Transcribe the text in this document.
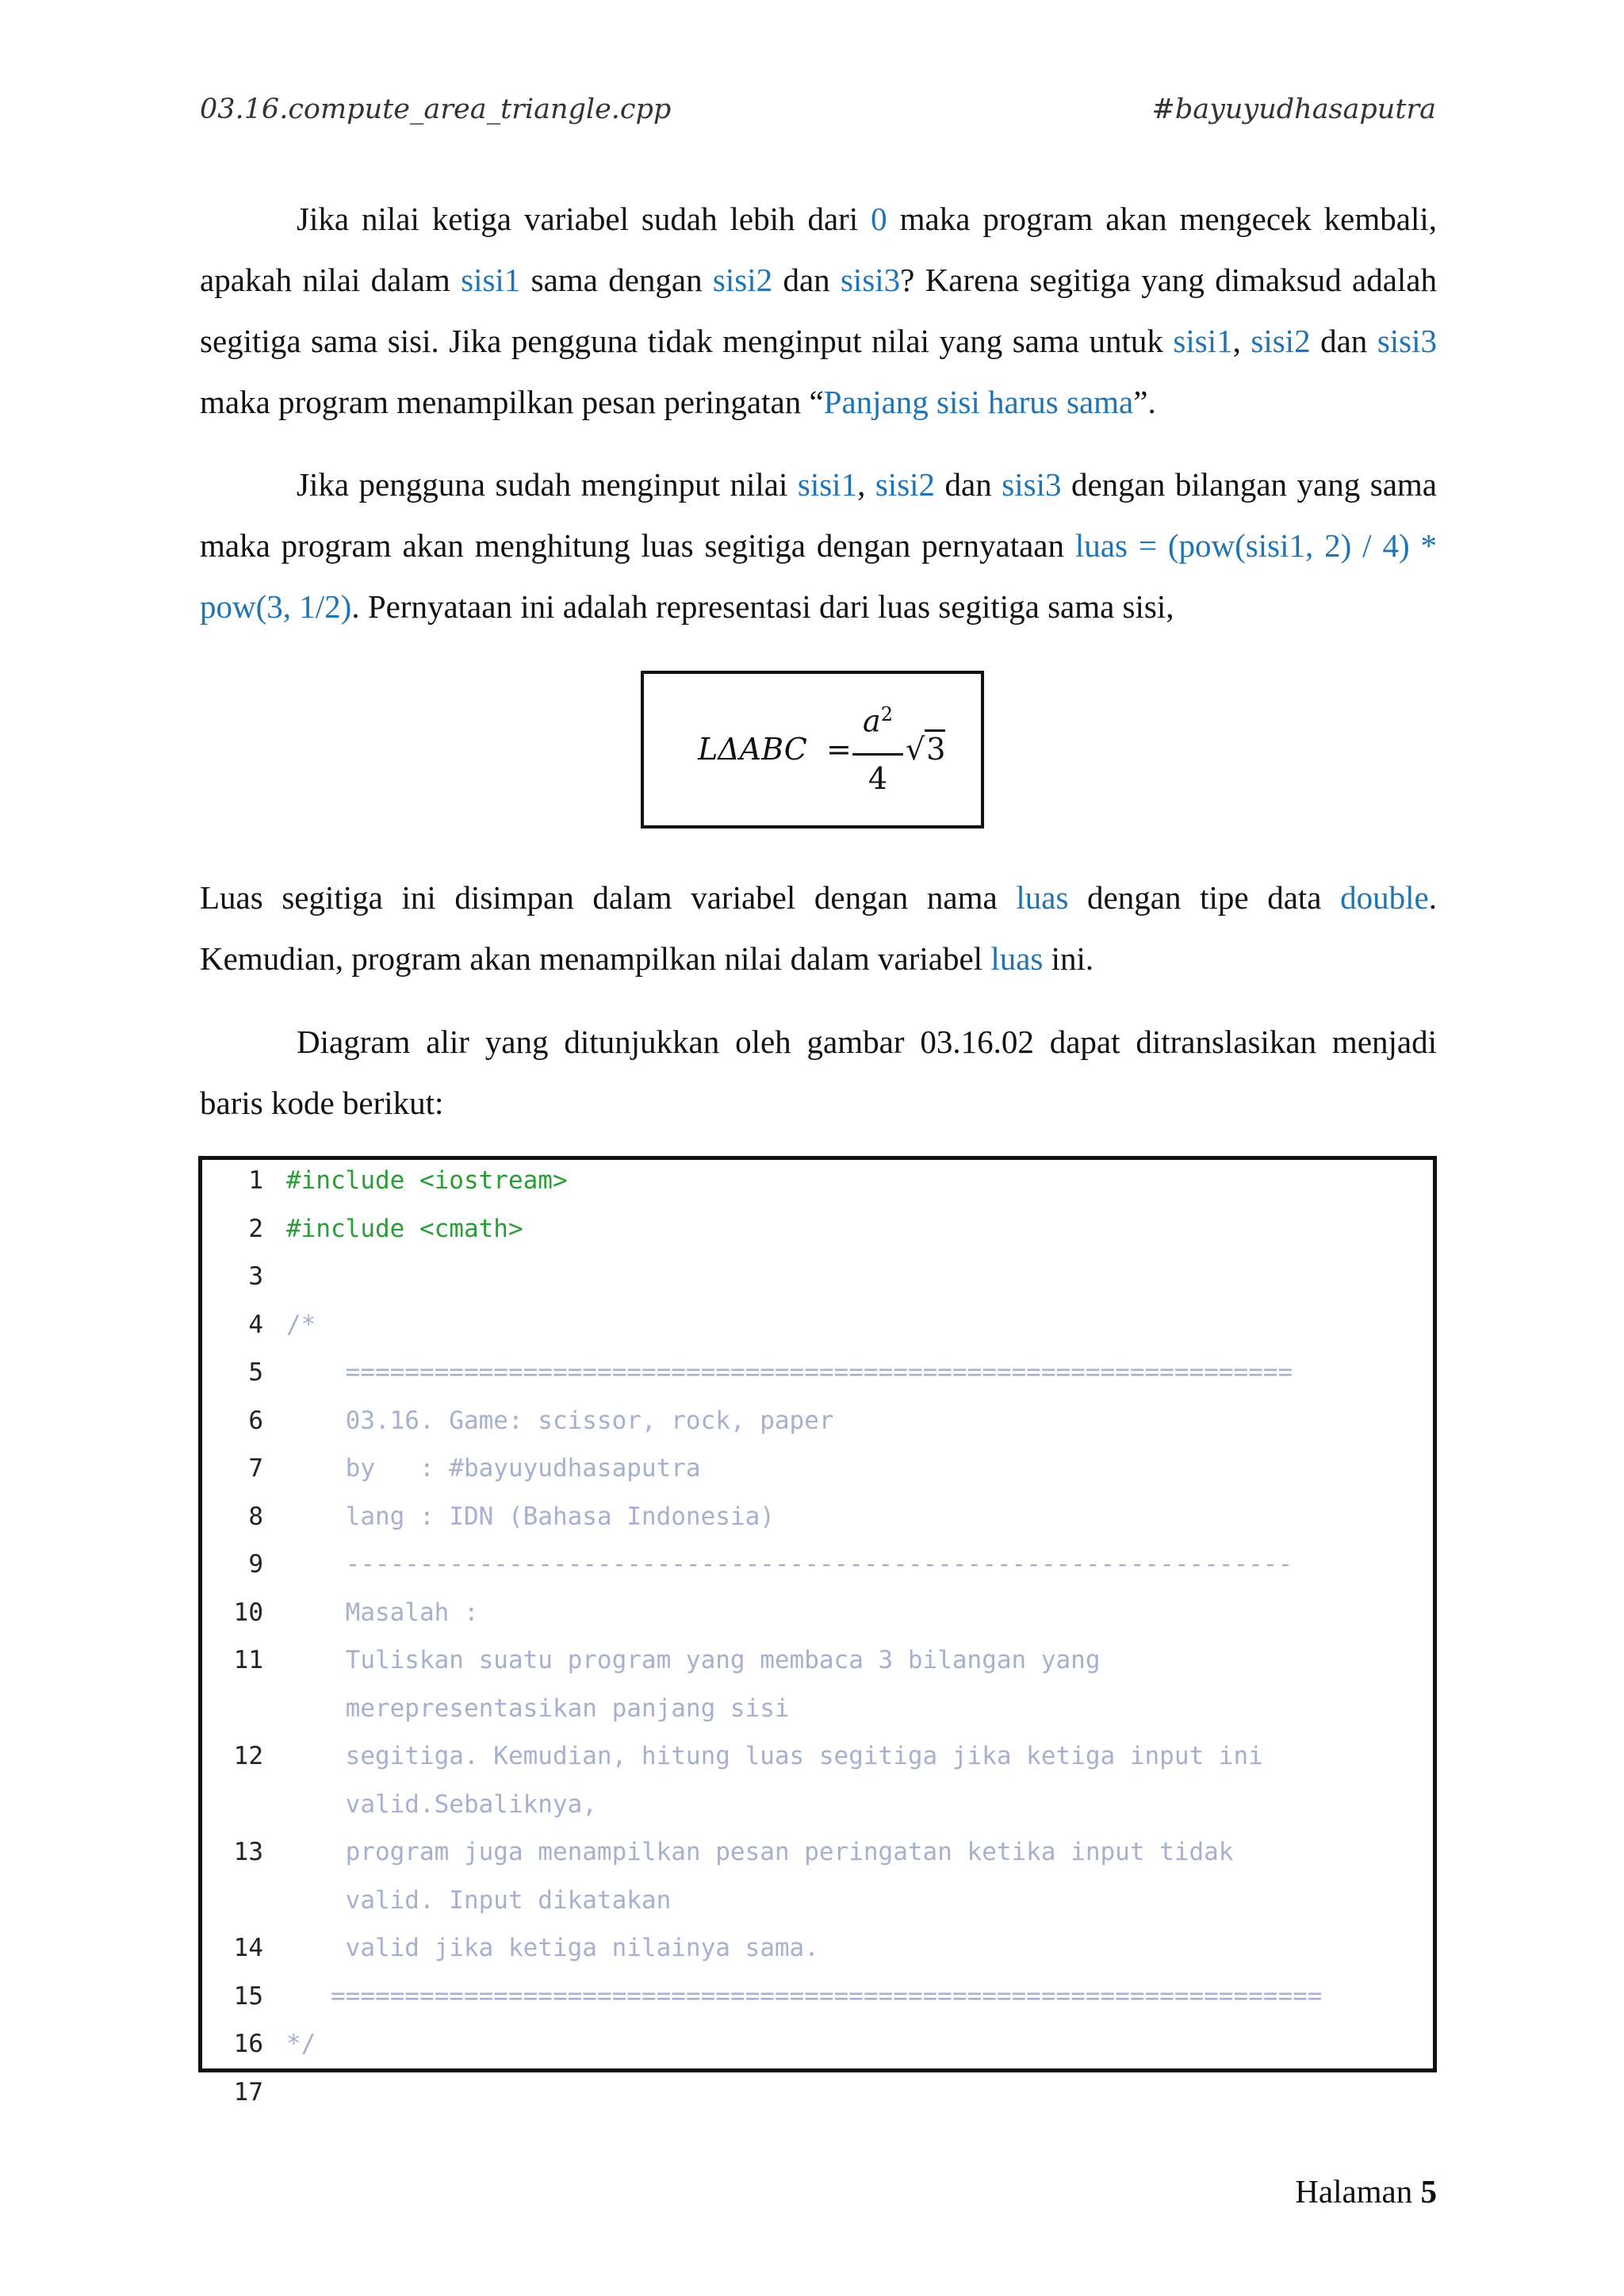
03.16.compute_area_triangle.cpp	#bayuyudhasaputra

Jika nilai ketiga variabel sudah lebih dari 0 maka program akan mengecek kembali, apakah nilai dalam sisi1 sama dengan sisi2 dan sisi3? Karena segitiga yang dimaksud adalah segitiga sama sisi. Jika pengguna tidak menginput nilai yang sama untuk sisi1, sisi2 dan sisi3 maka program menampilkan pesan peringatan “Panjang sisi harus sama”.

Jika pengguna sudah menginput nilai sisi1, sisi2 dan sisi3 dengan bilangan yang sama maka program akan menghitung luas segitiga dengan pernyataan luas = (pow(sisi1, 2) / 4) * pow(3, 1/2). Pernyataan ini adalah representasi dari luas segitiga sama sisi,

LΔABC =
$a^2$
4
√3

Luas segitiga ini disimpan dalam variabel dengan nama luas dengan tipe data double. Kemudian, program akan menampilkan nilai dalam variabel luas ini.

Diagram alir yang ditunjukkan oleh gambar 03.16.02 dapat ditranslasikan menjadi baris kode berikut:

1 #include <iostream>
2 #include <cmath>
3
4 /*
5 ================================================================
6 03.16. Game: scissor, rock, paper
7 by   : #bayuyudhasaputra
8 lang : IDN (Bahasa Indonesia)
9 ----------------------------------------------------------------
10 Masalah :
11 Tuliskan suatu program yang membaca 3 bilangan yang
merepresentasikan panjang sisi
12 segitiga. Kemudian, hitung luas segitiga jika ketiga input ini
valid.Sebaliknya,
13 program juga menampilkan pesan peringatan ketika input tidak
valid. Input dikatakan
14 valid jika ketiga nilainya sama.
15 ===================================================================
16 */
17
Halaman 5
